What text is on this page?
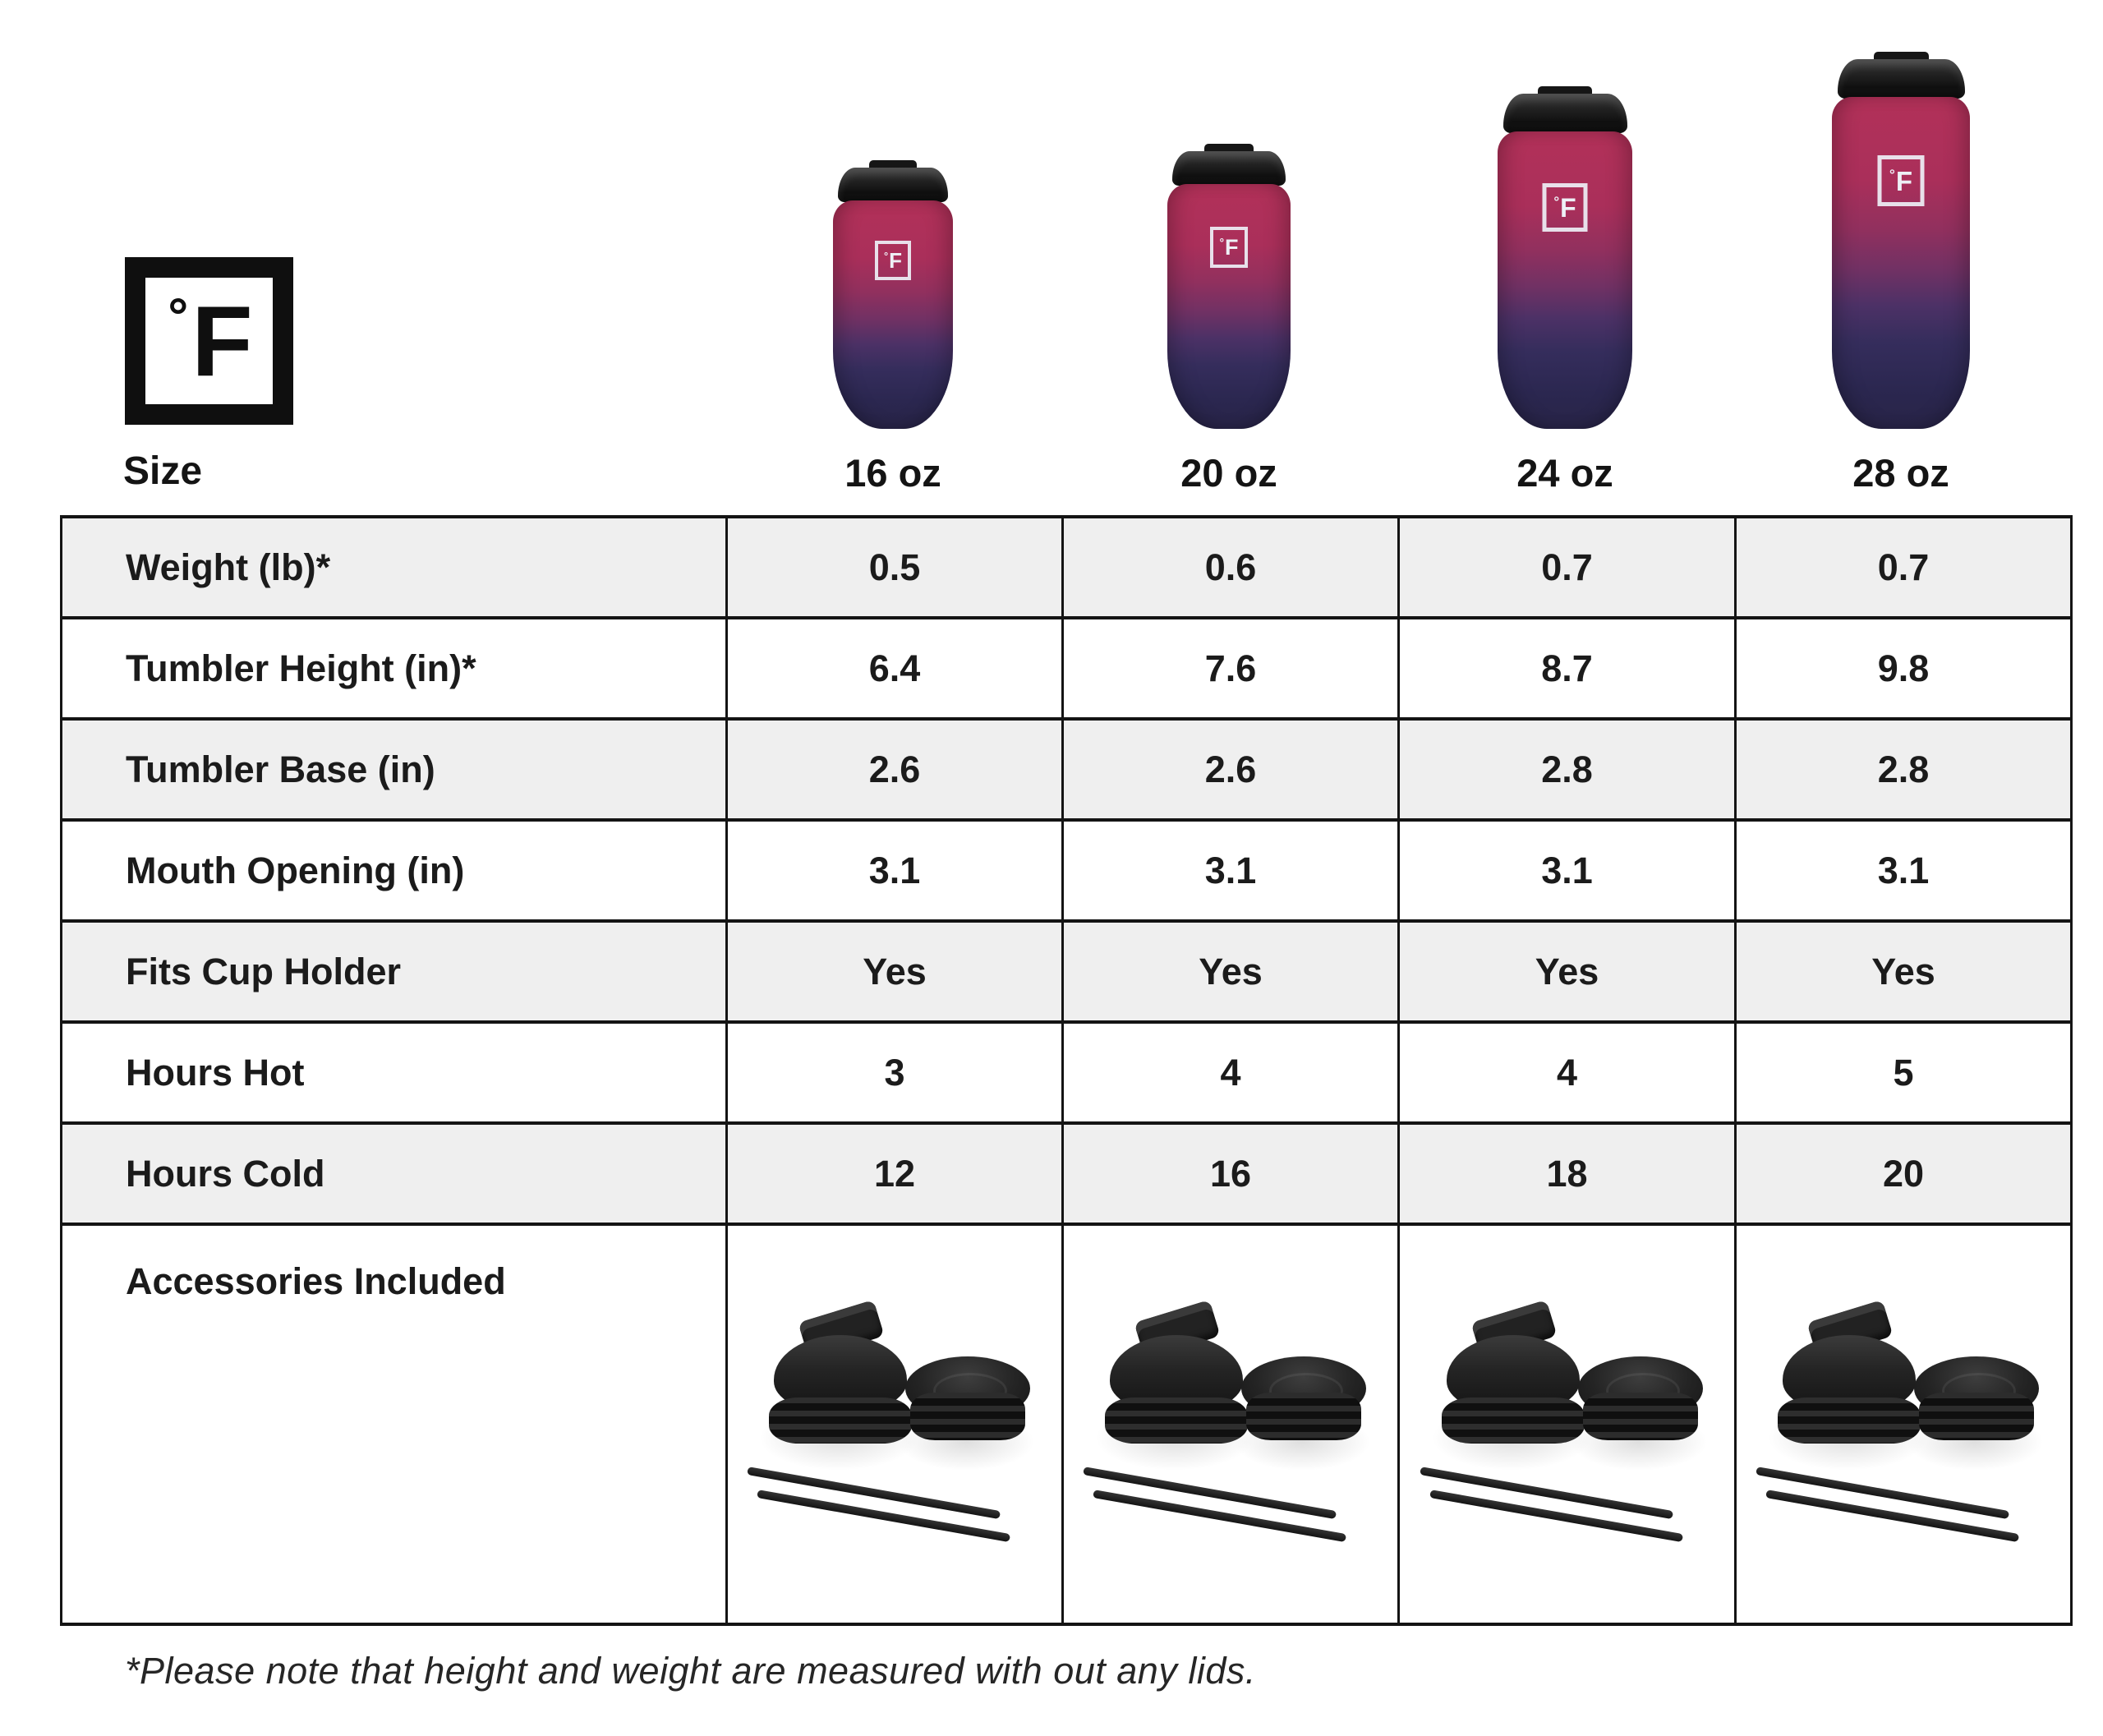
° F
Size
° F
16 oz
° F
20 oz
° F
24 oz
° F
28 oz
Weight (lb)*	0.5	0.6	0.7	0.7
Tumbler Height (in)*	6.4	7.6	8.7	9.8
Tumbler Base (in)	2.6	2.6	2.8	2.8
Mouth Opening (in)	3.1	3.1	3.1	3.1
Fits Cup Holder	Yes	Yes	Yes	Yes
Hours Hot	3	4	4	5
Hours Cold	12	16	18	20
Accessories Included	

*Please note that height and weight are measured with out any lids.
